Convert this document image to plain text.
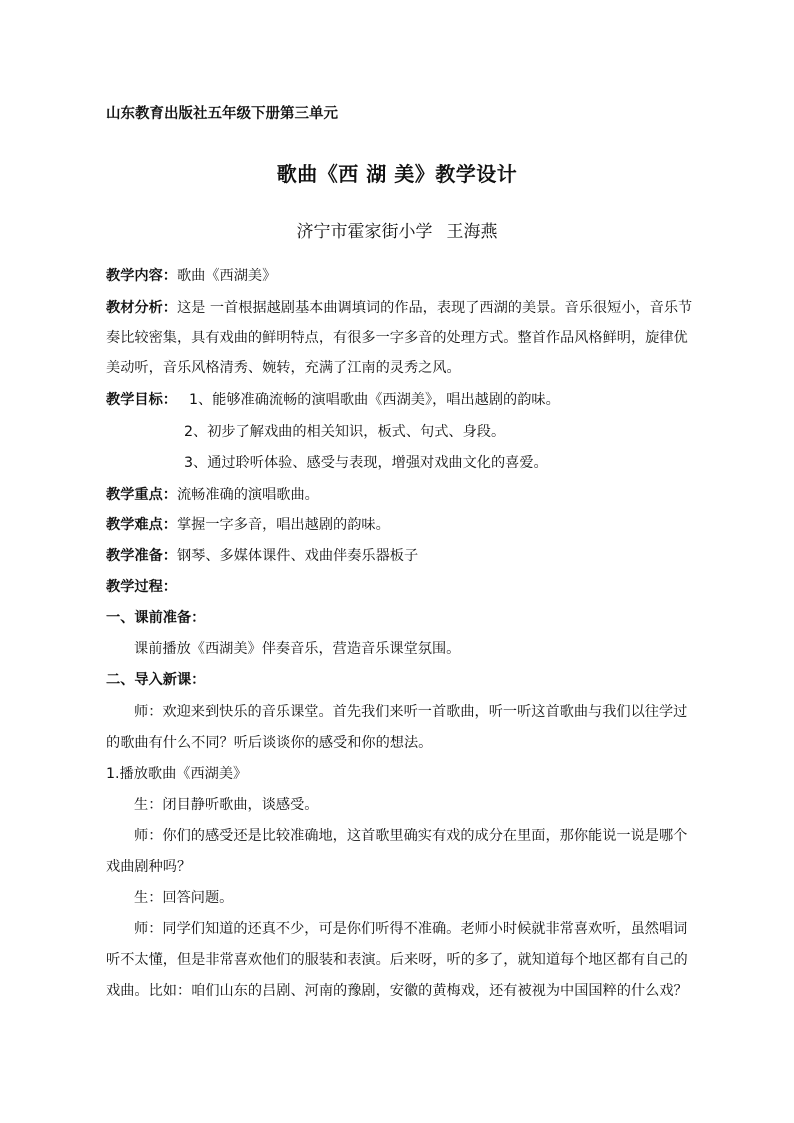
山东教育出版社五年级下册第三单元
歌曲《西 湖 美》教学设计
济宁市霍家街小学 王海燕
教学内容：歌曲《西湖美》
教材分析：这是 一首根据越剧基本曲调填词的作品，表现了西湖的美景。音乐很短小，音乐节
奏比较密集，具有戏曲的鲜明特点，有很多一字多音的处理方式。整首作品风格鲜明，旋律优
美动听，音乐风格清秀、婉转，充满了江南的灵秀之风。
教学目标： 1、能够准确流畅的演唱歌曲《西湖美》，唱出越剧的韵味。
2、初步了解戏曲的相关知识，板式、句式、身段。
3、通过聆听体验、感受与表现，增强对戏曲文化的喜爱。
教学重点：流畅准确的演唱歌曲。
教学难点：掌握一字多音，唱出越剧的韵味。
教学准备：钢琴、多媒体课件、戏曲伴奏乐器板子
教学过程：
一、课前准备：
课前播放《西湖美》伴奏音乐，营造音乐课堂氛围。
二、导入新课：
师：欢迎来到快乐的音乐课堂。首先我们来听一首歌曲，听一听这首歌曲与我们以往学过
的歌曲有什么不同？听后谈谈你的感受和你的想法。
1.播放歌曲《西湖美》
生：闭目静听歌曲，谈感受。
师：你们的感受还是比较准确地，这首歌里确实有戏的成分在里面，那你能说一说是哪个
戏曲剧种吗？
生：回答问题。
师：同学们知道的还真不少，可是你们听得不准确。老师小时候就非常喜欢听，虽然唱词
听不太懂，但是非常喜欢他们的服装和表演。后来呀，听的多了，就知道每个地区都有自己的
戏曲。比如：咱们山东的吕剧、河南的豫剧，安徽的黄梅戏，还有被视为中国国粹的什么戏？
